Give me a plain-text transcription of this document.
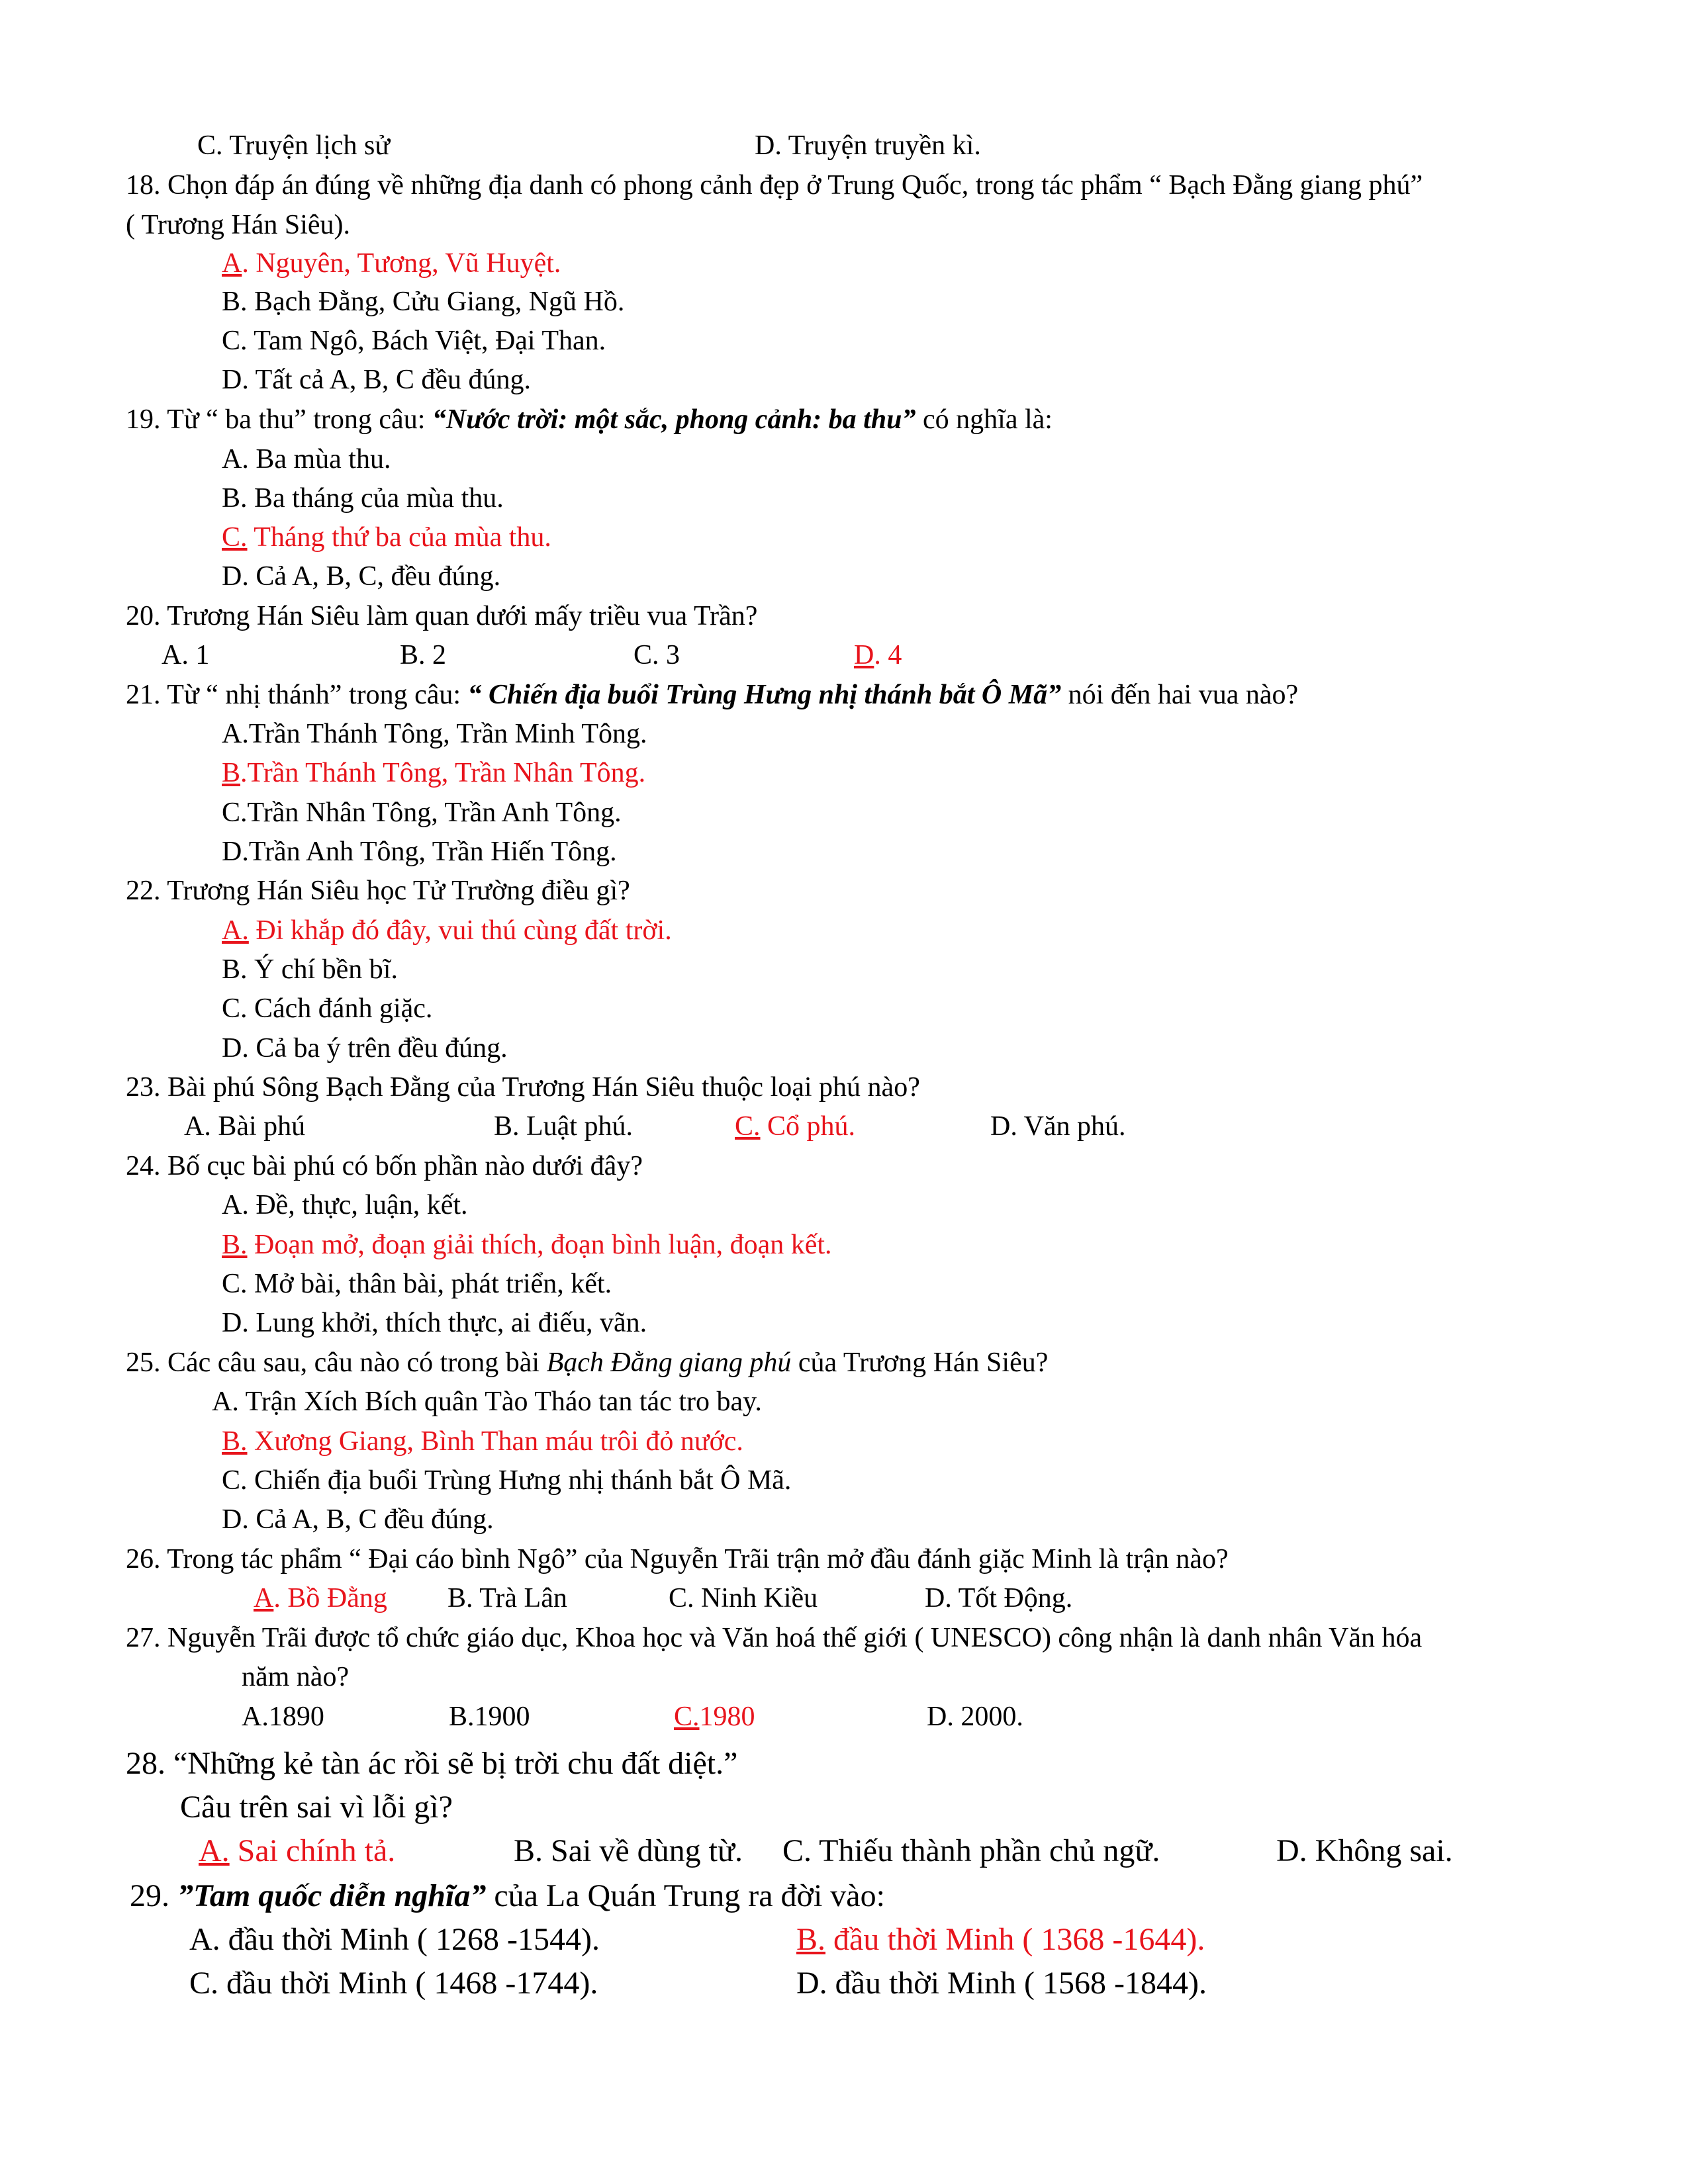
C. Truyện lịch sử	D. Truyện truyền kì.
18. Chọn đáp án đúng về những địa danh có phong cảnh đẹp ở Trung Quốc, trong tác phẩm “ Bạch Đằng giang phú”
( Trương Hán Siêu).
A. Nguyên, Tương, Vũ Huyệt.
B. Bạch Đằng, Cửu Giang, Ngũ Hồ.
C. Tam Ngô, Bách Việt, Đại Than.
D. Tất cả A, B, C đều đúng.
19. Từ “ ba thu” trong câu: “Nước trời: một sắc, phong cảnh: ba thu” có nghĩa là:
A. Ba mùa thu.
B. Ba tháng của mùa thu.
C. Tháng thứ ba của mùa thu.
D. Cả A, B, C, đều đúng.
20. Trương Hán Siêu làm quan dưới mấy triều vua Trần?
A. 1	B. 2	C. 3	D. 4
21. Từ “ nhị thánh” trong câu: “ Chiến địa buổi Trùng Hưng nhị thánh bắt Ô Mã” nói đến hai vua nào?
A.Trần Thánh Tông, Trần Minh Tông.
B.Trần Thánh Tông, Trần Nhân Tông.
C.Trần Nhân Tông, Trần Anh Tông.
D.Trần Anh Tông, Trần Hiến Tông.
22. Trương Hán Siêu học Tử Trường điều gì?
A. Đi khắp đó đây, vui thú cùng đất trời.
B. Ý chí bền bĩ.
C. Cách đánh giặc.
D. Cả ba ý trên đều đúng.
23. Bài phú Sông Bạch Đằng của Trương Hán Siêu thuộc loại phú nào?
A. Bài phú	B. Luật phú.	C. Cổ phú.	D. Văn phú.
24. Bố cục bài phú có bốn phần nào dưới đây?
A. Đề, thực, luận, kết.
B. Đoạn mở, đoạn giải thích, đoạn bình luận, đoạn kết.
C. Mở bài, thân bài, phát triển, kết.
D. Lung khởi, thích thực, ai điếu, vãn.
25. Các câu sau, câu nào có trong bài Bạch Đằng giang phú của Trương Hán Siêu?
A. Trận Xích Bích quân Tào Tháo tan tác tro bay.
B. Xương Giang, Bình Than máu trôi đỏ nước.
C. Chiến địa buổi Trùng Hưng nhị thánh bắt Ô Mã.
D. Cả A, B, C đều đúng.
26. Trong tác phẩm “ Đại cáo bình Ngô” của Nguyễn Trãi trận mở đầu đánh giặc Minh là trận nào?
A. Bồ Đằng B. Trà Lân	C. Ninh Kiều	D. Tốt Động.
27. Nguyễn Trãi được tổ chức giáo dục, Khoa học và Văn hoá thế giới ( UNESCO) công nhận là danh nhân Văn hóa
năm nào?
A.1890	B.1900	C.1980	D. 2000.
28. “Những kẻ tàn ác rồi sẽ bị trời chu đất diệt.”
Câu trên sai vì lỗi gì?
A. Sai chính tả.	B. Sai về dùng từ. C. Thiếu thành phần chủ ngữ.	D. Không sai.
29. ”Tam quốc diễn nghĩa” của La Quán Trung ra đời vào:
A. đầu thời Minh ( 1268 -1544).	B. đầu thời Minh ( 1368 -1644).
C. đầu thời Minh ( 1468 -1744).	D. đầu thời Minh ( 1568 -1844).
